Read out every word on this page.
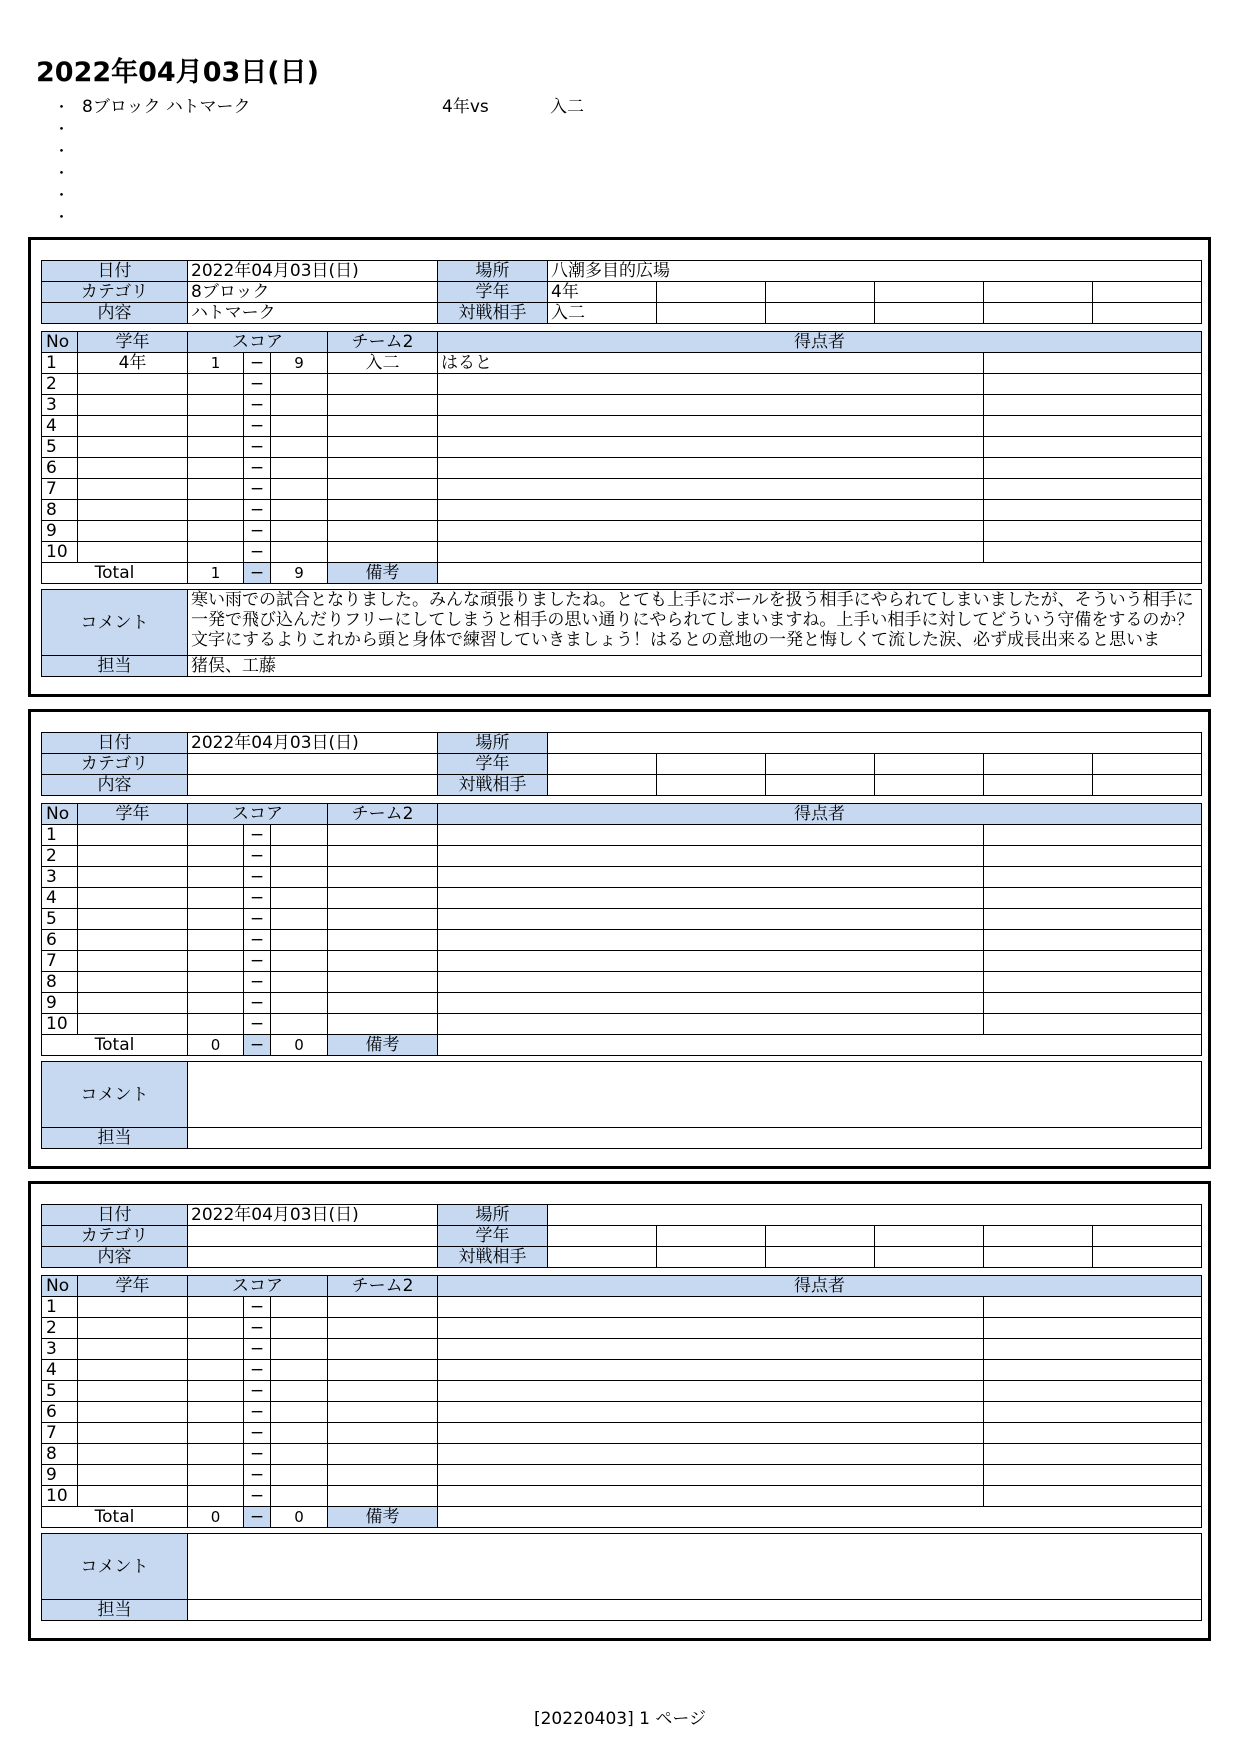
2022年04月03日(日)
・ 8ブロック ハトマーク	4年vs	入二
・
・
・
・
・
日付	2022年04月03日(日)	場所	八潮多目的広場					
カテゴリ	8ブロック	学年	4年					
内容	ハトマーク	対戦相手	入二					
No	学年	スコア			チーム2	得点者	
1	4年	1	−	9	入二	はると	
2			−				
3			−				
4			−				
5			−				
6			−				
7			−				
8			−				
9			−				
10			−				
Total		1	−	9	備考		
コメント	寒い雨での試合となりました。みんな頑張りましたね。とても上手にボールを扱う相手にやられてしまいましたが、そういう相手に一発で飛び込んだりフリーにしてしまうと相手の思い通りにやられてしまいますね。上手い相手に対してどういう守備をするのか？文字にするよりこれから頭と身体で練習していきましょう！はるとの意地の一発と悔しくて流した涙、必ず成長出来ると思いま
担当	猪俣、工藤
日付	2022年04月03日(日)	場所						
カテゴリ		学年						
内容		対戦相手						
No	学年	スコア			チーム2	得点者	
1			−				
2			−				
3			−				
4			−				
5			−				
6			−				
7			−				
8			−				
9			−				
10			−				
Total		0	−	0	備考		
コメント	
担当	
日付	2022年04月03日(日)	場所						
カテゴリ		学年						
内容		対戦相手						
No	学年	スコア			チーム2	得点者	
1			−				
2			−				
3			−				
4			−				
5			−				
6			−				
7			−				
8			−				
9			−				
10			−				
Total		0	−	0	備考		
コメント	
担当	
[20220403] 1 ページ
